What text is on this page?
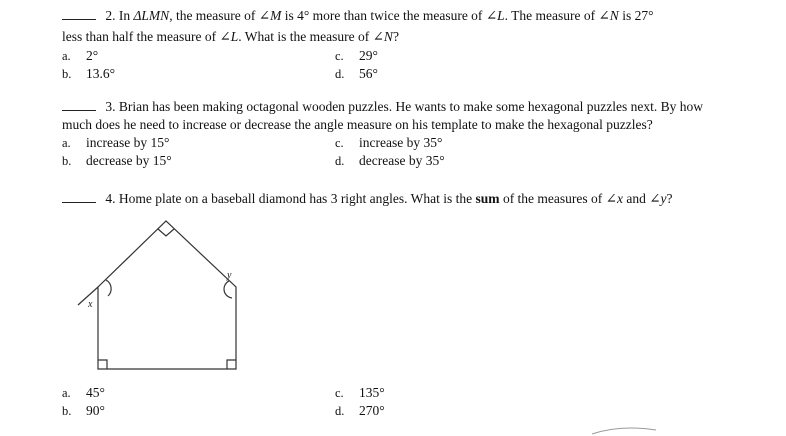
2. In ΔLMN, the measure of ∠M is 4° more than twice the measure of ∠L. The measure of ∠N is 27°
less than half the measure of ∠L. What is the measure of ∠N?
a. 2°
b. 13.6°
c. 29°
d. 56°
3. Brian has been making octagonal wooden puzzles. He wants to make some hexagonal puzzles next. By how
much does he need to increase or decrease the angle measure on his template to make the hexagonal puzzles?
a. increase by 15°
b. decrease by 15°
c. increase by 35°
d. decrease by 35°
4. Home plate on a baseball diamond has 3 right angles. What is the sum of the measures of ∠x and ∠y?
x
y
a. 45°
b. 90°
c. 135°
d. 270°
